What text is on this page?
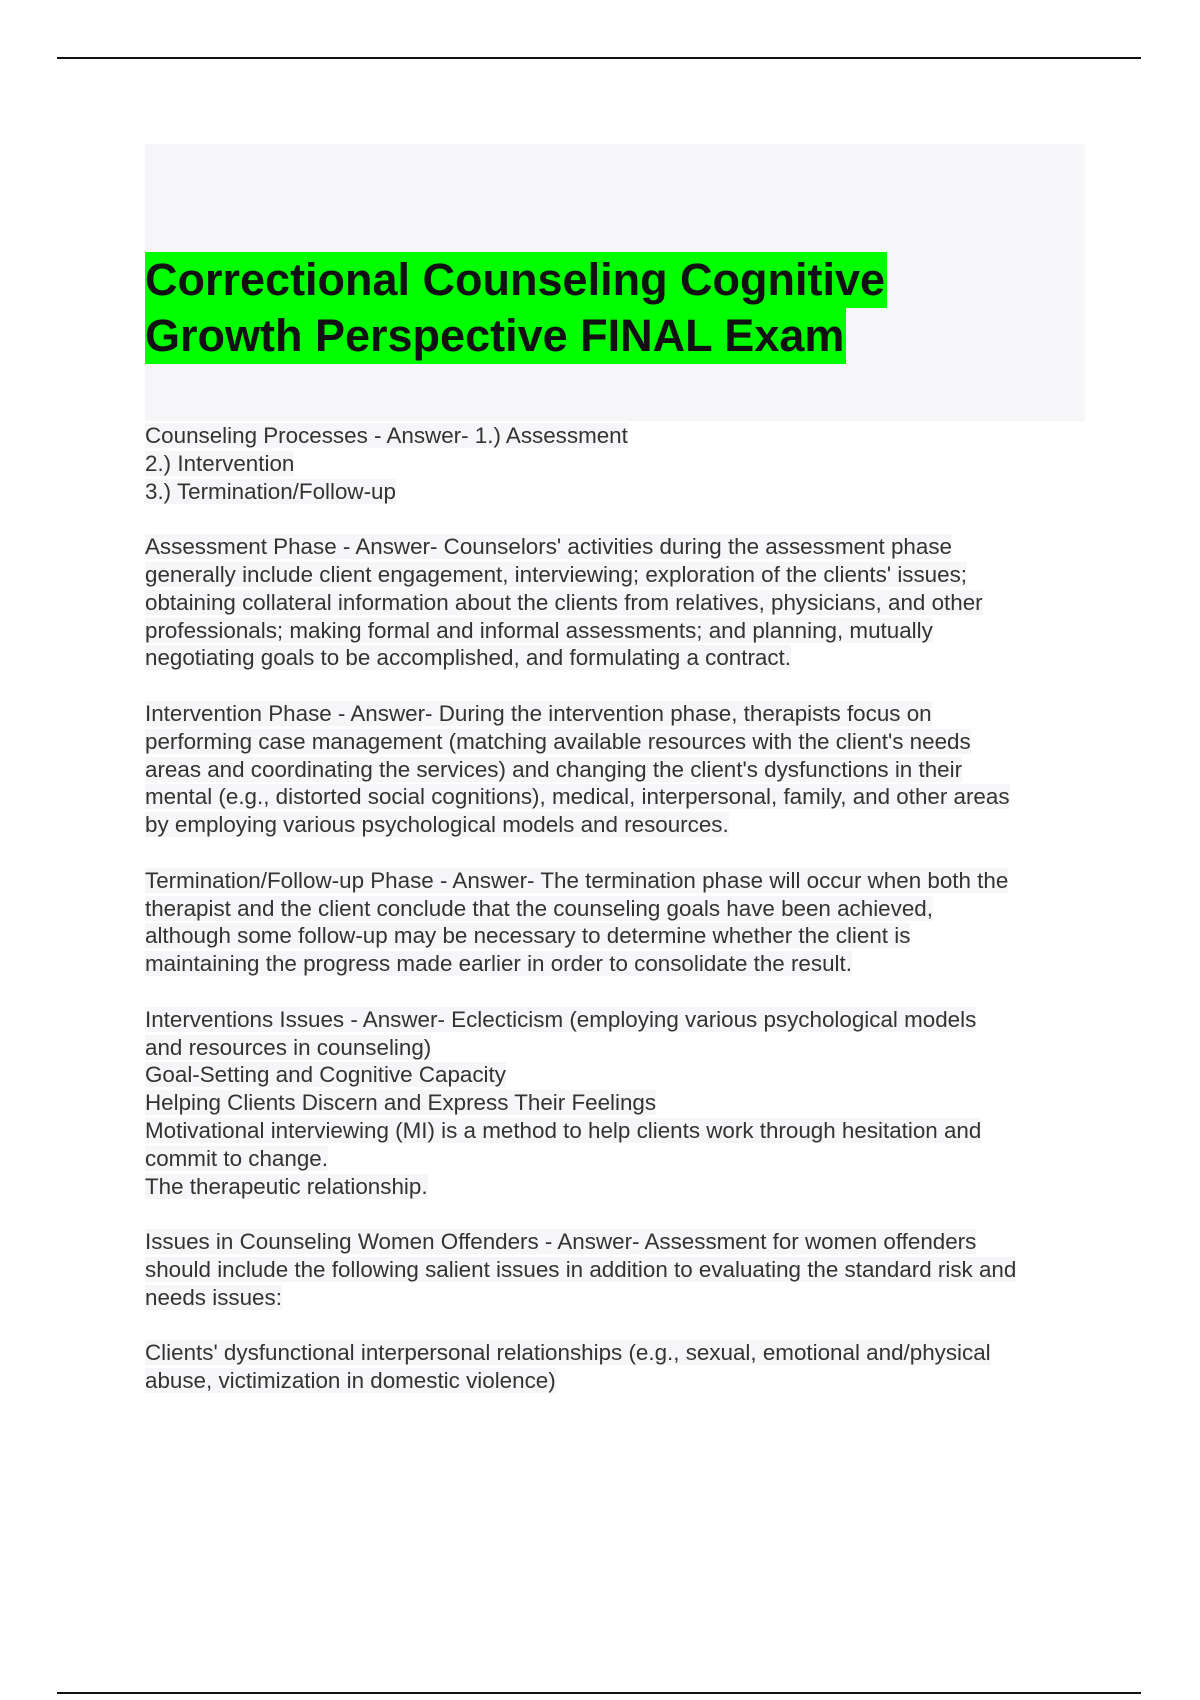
Correctional Counseling Cognitive
Growth Perspective FINAL Exam

Counseling Processes - Answer- 1.) Assessment
2.) Intervention
3.) Termination/Follow-up

Assessment Phase - Answer- Counselors' activities during the assessment phase
generally include client engagement, interviewing; exploration of the clients' issues;
obtaining collateral information about the clients from relatives, physicians, and other
professionals; making formal and informal assessments; and planning, mutually
negotiating goals to be accomplished, and formulating a contract.

Intervention Phase - Answer- During the intervention phase, therapists focus on
performing case management (matching available resources with the client's needs
areas and coordinating the services) and changing the client's dysfunctions in their
mental (e.g., distorted social cognitions), medical, interpersonal, family, and other areas
by employing various psychological models and resources.

Termination/Follow-up Phase - Answer- The termination phase will occur when both the
therapist and the client conclude that the counseling goals have been achieved,
although some follow-up may be necessary to determine whether the client is
maintaining the progress made earlier in order to consolidate the result.

Interventions Issues - Answer- Eclecticism (employing various psychological models
and resources in counseling)
Goal-Setting and Cognitive Capacity
Helping Clients Discern and Express Their Feelings
Motivational interviewing (MI) is a method to help clients work through hesitation and
commit to change.
The therapeutic relationship.

Issues in Counseling Women Offenders - Answer- Assessment for women offenders
should include the following salient issues in addition to evaluating the standard risk and
needs issues:

Clients' dysfunctional interpersonal relationships (e.g., sexual, emotional and/physical
abuse, victimization in domestic violence)
